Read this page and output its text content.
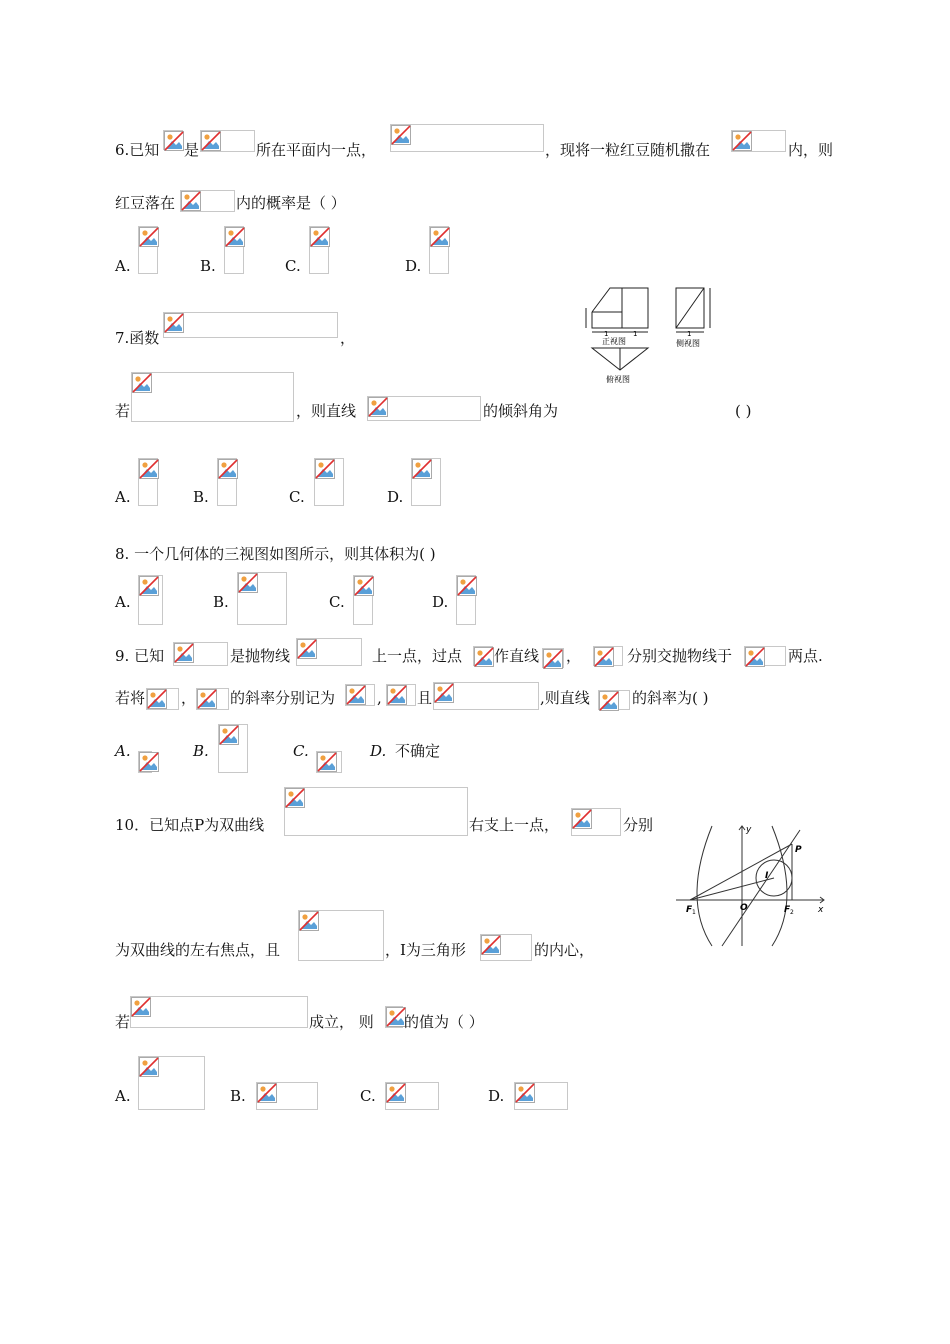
6.已知 是	所在平面内一点，	，现将一粒红豆随机撒在	内，则
红豆落在	内的概率是（ ）
A.	B.	C.	D.
7.函数	，
若	，则直线	的倾斜角为	( )
A.	B.	C.	D.
1	1	1
正视图	侧视图
俯视图
8. 一个几何体的三视图如图所示，则其体积为( )
A.	B.	C.	D.
9. 已知	是抛物线	上一点，过点 作直线 ，	分别交抛物线于	两点.
若将 ， 的斜率分别记为	, 且	,则直线	的斜率为( )
A.	B.	C.	D. 不确定
10．已知点P为双曲线	右支上一点，	分别
为双曲线的左右焦点，且	，I为三角形	的内心，
若	成立， 则 的值为（ ）
A.	B.	C.	D.
y
x
P
I
O
F 1	F 2
